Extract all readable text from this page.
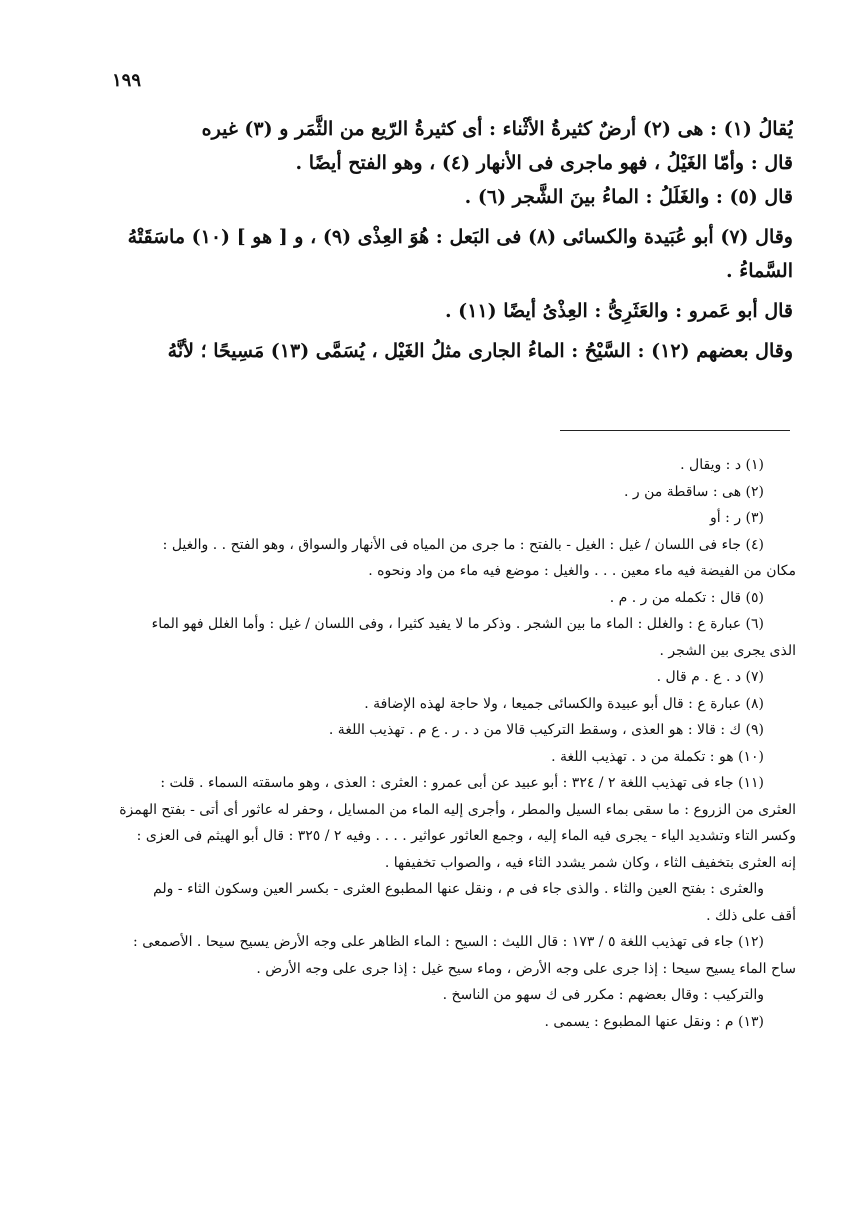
١٩٩

يُقالُ (١) : هى (٢) أرضٌ كثيرةُ الأثْناء : أى كثيرةُ الرّيع من الثَّمَر و (٣) غيره

قال : وأمّا الغَيْلُ ، فهو ماجرى فى الأنهار (٤) ، وهو الفتح أيضًا .

قال (٥) : والغَلَلُ : الماءُ بينَ الشَّجر (٦) .

وقال (٧) أبو عُبَيدة والكسائى (٨) فى البَعل : هُوَ العِذْى (٩) ، و [ هو ] (١٠) ماسَقَتْهُ

السَّماءُ .

قال أبو عَمرو : والعَثَرِىُّ : العِذْىُ أيضًا (١١) .

وقال بعضهم (١٢) : السَّيْحُ : الماءُ الجارى مثلُ الغَيْل ، يُسَمَّى (١٣) مَسِيحًا ؛ لأنَّهُ

(١) د : ويقال .

(٢) هى : ساقطة من ر .

(٣) ر : أو

(٤) جاء فى اللسان / غيل : الغيل - بالفتح : ما جرى من المياه فى الأنهار والسواق ، وهو الفتح . . والغيل :

مكان من الفيضة فيه ماء معين . . . والغيل : موضع فيه ماء من واد ونحوه .

(٥) قال : تكمله من ر . م .

(٦) عبارة ع : والغلل : الماء ما بين الشجر . وذكر ما لا يفيد كثيرا ، وفى اللسان / غيل : وأما الغلل فهو الماء

الذى يجرى بين الشجر .

(٧) د . ع . م قال .

(٨) عبارة ع : قال أبو عبيدة والكسائى جميعا ، ولا حاجة لهذه الإضافة .

(٩) ك : قالا : هو العذى ، وسقط التركيب قالا من د . ر . ع م . تهذيب اللغة .

(١٠) هو : تكملة من د . تهذيب اللغة .

(١١) جاء فى تهذيب اللغة ٢ / ٣٢٤ : أبو عبيد عن أبى عمرو : العثرى : العذى ، وهو ماسقته السماء . قلت :

العثرى من الزروع : ما سقى بماء السيل والمطر ، وأجرى إليه الماء من المسايل ، وحفر له عاثور أى أتى - بفتح الهمزة

وكسر التاء وتشديد الياء - يجرى فيه الماء إليه ، وجمع العاثور عواثير . . . . وفيه ٢ / ٣٢٥ : قال أبو الهيثم فى العزى :

إنه العثرى بتخفيف الثاء ، وكان شمر يشدد الثاء فيه ، والصواب تخفيفها .

والعثرى : بفتح العين والثاء . والذى جاء فى م ، ونقل عنها المطبوع العثرى - بكسر العين وسكون الثاء - ولم

أقف على ذلك .

(١٢) جاء فى تهذيب اللغة ٥ / ١٧٣ : قال الليث : السيح : الماء الظاهر على وجه الأرض يسيح سيحا . الأصمعى :

ساح الماء يسيح سيحا : إذا جرى على وجه الأرض ، وماء سيح غيل : إذا جرى على وجه الأرض .

والتركيب : وقال بعضهم : مكرر فى ك سهو من الناسخ .

(١٣) م : ونقل عنها المطبوع : يسمى .
